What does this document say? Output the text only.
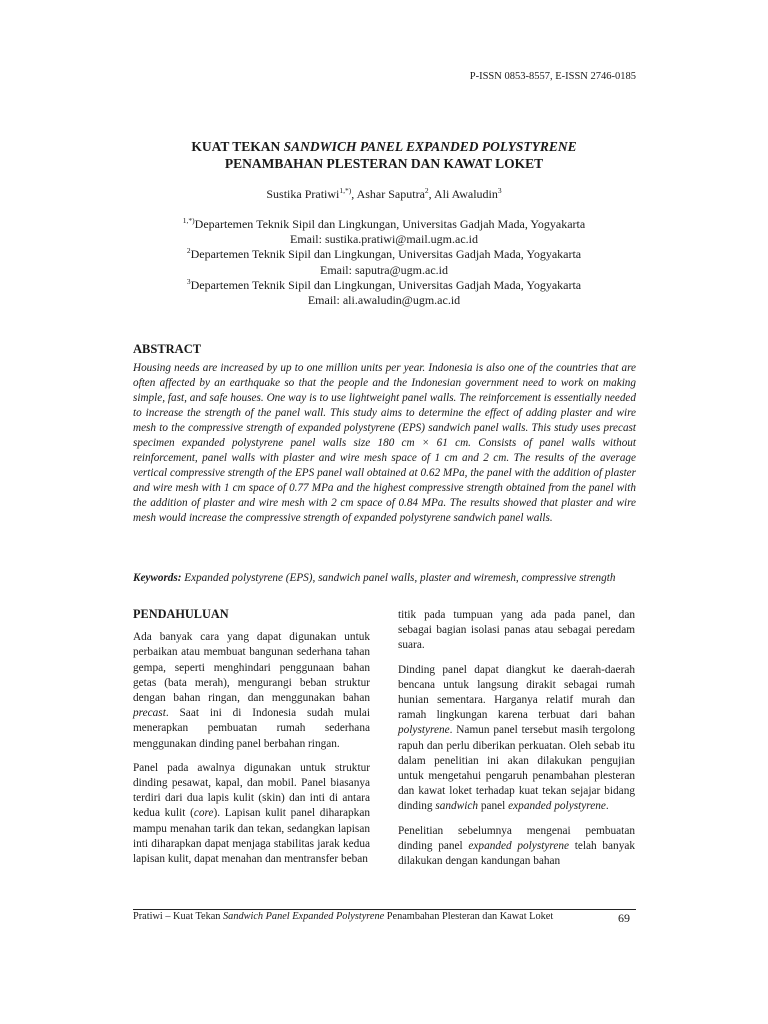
P-ISSN 0853-8557, E-ISSN 2746-0185
KUAT TEKAN SANDWICH PANEL EXPANDED POLYSTYRENE
PENAMBAHAN PLESTERAN DAN KAWAT LOKET
Sustika Pratiwi$^{1,*)}$, Ashar Saputra$^2$, Ali Awaludin$^3$
$^{1,*)}$Departemen Teknik Sipil dan Lingkungan, Universitas Gadjah Mada, Yogyakarta
Email: sustika.pratiwi@mail.ugm.ac.id
$^2$Departemen Teknik Sipil dan Lingkungan, Universitas Gadjah Mada, Yogyakarta
Email: saputra@ugm.ac.id
$^3$Departemen Teknik Sipil dan Lingkungan, Universitas Gadjah Mada, Yogyakarta
Email: ali.awaludin@ugm.ac.id
ABSTRACT
Housing needs are increased by up to one million units per year. Indonesia is also one of the countries that are often affected by an earthquake so that the people and the Indonesian government need to work on making simple, fast, and safe houses. One way is to use lightweight panel walls. The reinforcement is essentially needed to increase the strength of the panel wall. This study aims to determine the effect of adding plaster and wire mesh to the compressive strength of expanded polystyrene (EPS) sandwich panel walls. This study uses precast specimen expanded polystyrene panel walls size 180 cm × 61 cm. Consists of panel walls without reinforcement, panel walls with plaster and wire mesh space of 1 cm and 2 cm. The results of the average vertical compressive strength of the EPS panel wall obtained at 0.62 MPa, the panel with the addition of plaster and wire mesh with 1 cm space of 0.77 MPa and the highest compressive strength obtained from the panel with the addition of plaster and wire mesh with 2 cm space of 0.84 MPa. The results showed that plaster and wire mesh would increase the compressive strength of expanded polystyrene sandwich panel walls.
Keywords: Expanded polystyrene (EPS), sandwich panel walls, plaster and wiremesh, compressive strength
PENDAHULUAN

Ada banyak cara yang dapat digunakan untuk perbaikan atau membuat bangunan sederhana tahan gempa, seperti menghindari penggunaan bahan getas (bata merah), mengurangi beban struktur dengan bahan ringan, dan menggunakan bahan precast. Saat ini di Indonesia sudah mulai menerapkan pembuatan rumah sederhana menggunakan dinding panel berbahan ringan.

Panel pada awalnya digunakan untuk struktur dinding pesawat, kapal, dan mobil. Panel biasanya terdiri dari dua lapis kulit (skin) dan inti di antara kedua kulit (core). Lapisan kulit panel diharapkan mampu menahan tarik dan tekan, sedangkan lapisan inti diharapkan dapat menjaga stabilitas jarak kedua lapisan kulit, dapat menahan dan mentransfer beban

titik pada tumpuan yang ada pada panel, dan sebagai bagian isolasi panas atau sebagai peredam suara.

Dinding panel dapat diangkut ke daerah-daerah bencana untuk langsung dirakit sebagai rumah hunian sementara. Harganya relatif murah dan ramah lingkungan karena terbuat dari bahan polystyrene. Namun panel tersebut masih tergolong rapuh dan perlu diberikan perkuatan. Oleh sebab itu dalam penelitian ini akan dilakukan pengujian untuk mengetahui pengaruh penambahan plesteran dan kawat loket terhadap kuat tekan sejajar bidang dinding sandwich panel expanded polystyrene.

Penelitian sebelumnya mengenai pembuatan dinding panel expanded polystyrene telah banyak dilakukan dengan kandungan bahan

Pratiwi – Kuat Tekan Sandwich Panel Expanded Polystyrene Penambahan Plesteran dan Kawat Loket	69
